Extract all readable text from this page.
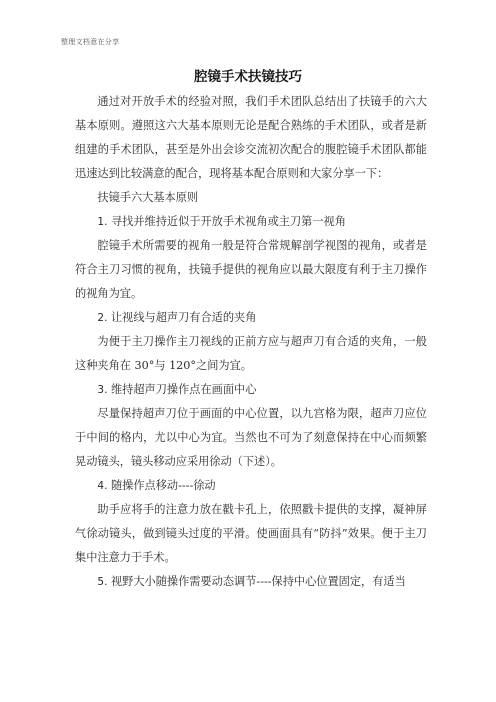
整理文档意在分享
腔镜手术扶镜技巧

通过对开放手术的经验对照，我们手术团队总结出了扶镜手的六大基本原则。遵照这六大基本原则无论是配合熟练的手术团队，或者是新组建的手术团队，甚至是外出会诊交流初次配合的腹腔镜手术团队都能迅速达到比较满意的配合，现将基本配合原则和大家分享一下：

扶镜手六大基本原则

1. 寻找并维持近似于开放手术视角或主刀第一视角

腔镜手术所需要的视角一般是符合常规解剖学视图的视角，或者是符合主刀习惯的视角，扶镜手提供的视角应以最大限度有利于主刀操作的视角为宜。

2. 让视线与超声刀有合适的夹角

为便于主刀操作主刀视线的正前方应与超声刀有合适的夹角，一般这种夹角在 30°与 120°之间为宜。

3. 维持超声刀操作点在画面中心

尽量保持超声刀位于画面的中心位置，以九宫格为限，超声刀应位于中间的格内，尤以中心为宜。当然也不可为了刻意保持在中心而频繁晃动镜头，镜头移动应采用徐动（下述）。

4. 随操作点移动----徐动

助手应将手的注意力放在戳卡孔上，依照戳卡提供的支撑，凝神屏气徐动镜头，做到镜头过度的平滑。使画面具有“防抖”效果。便于主刀集中注意力于手术。

5. 视野大小随操作需要动态调节----保持中心位置固定，有适当
